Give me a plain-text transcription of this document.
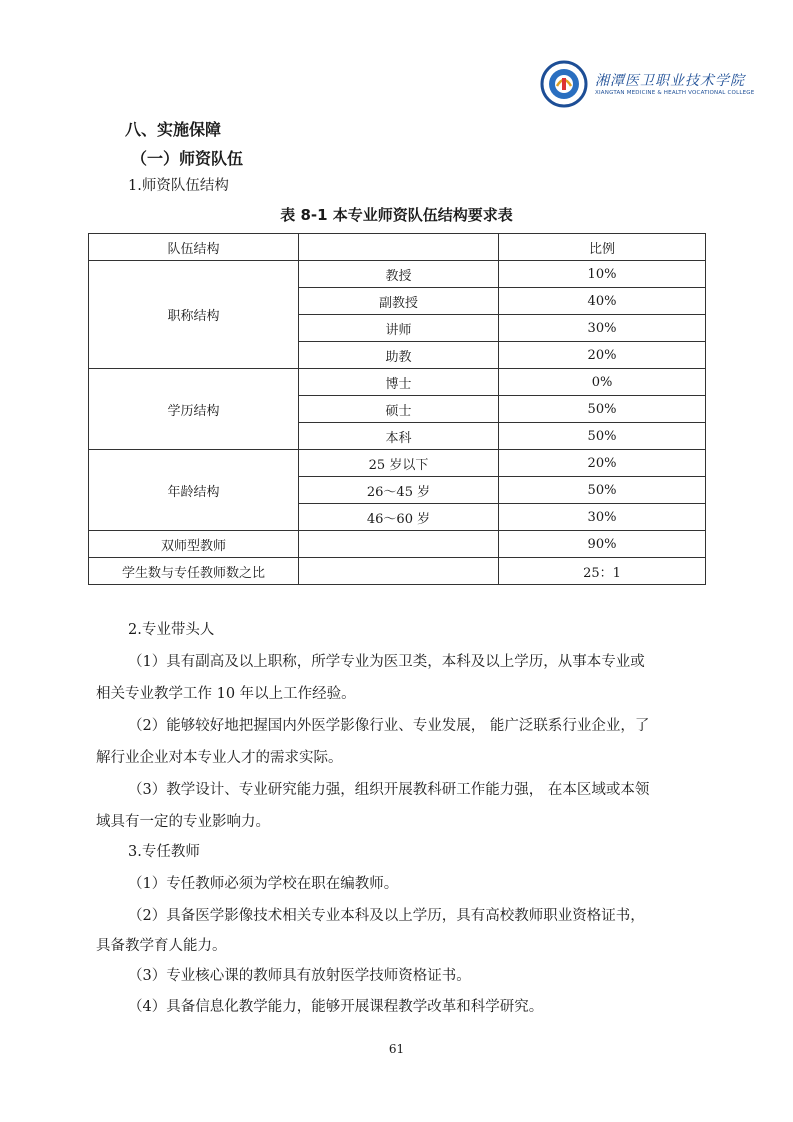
湘潭医卫职业技术学院
XIANGTAN MEDICINE & HEALTH VOCATIONAL COLLEGE
八、实施保障
（一）师资队伍
1.师资队伍结构
表 8-1 本专业师资队伍结构要求表
队伍结构		比例
职称结构	教授	10%
	副教授	40%
	讲师	30%
	助教	20%
学历结构	博士	0%
	硕士	50%
	本科	50%
年龄结构	25 岁以下	20%
	26～45 岁	50%
	46～60 岁	30%
双师型教师		90%
学生数与专任教师数之比		25：1
2.专业带头人
（1）具有副高及以上职称，所学专业为医卫类，本科及以上学历，从事本专业或
相关专业教学工作 10 年以上工作经验。
（2）能够较好地把握国内外医学影像行业、专业发展， 能广泛联系行业企业，了
解行业企业对本专业人才的需求实际。
（3）教学设计、专业研究能力强，组织开展教科研工作能力强， 在本区域或本领
域具有一定的专业影响力。
3.专任教师
（1）专任教师必须为学校在职在编教师。
（2）具备医学影像技术相关专业本科及以上学历，具有高校教师职业资格证书，
具备教学育人能力。
（3）专业核心课的教师具有放射医学技师资格证书。
（4）具备信息化教学能力，能够开展课程教学改革和科学研究。
61
